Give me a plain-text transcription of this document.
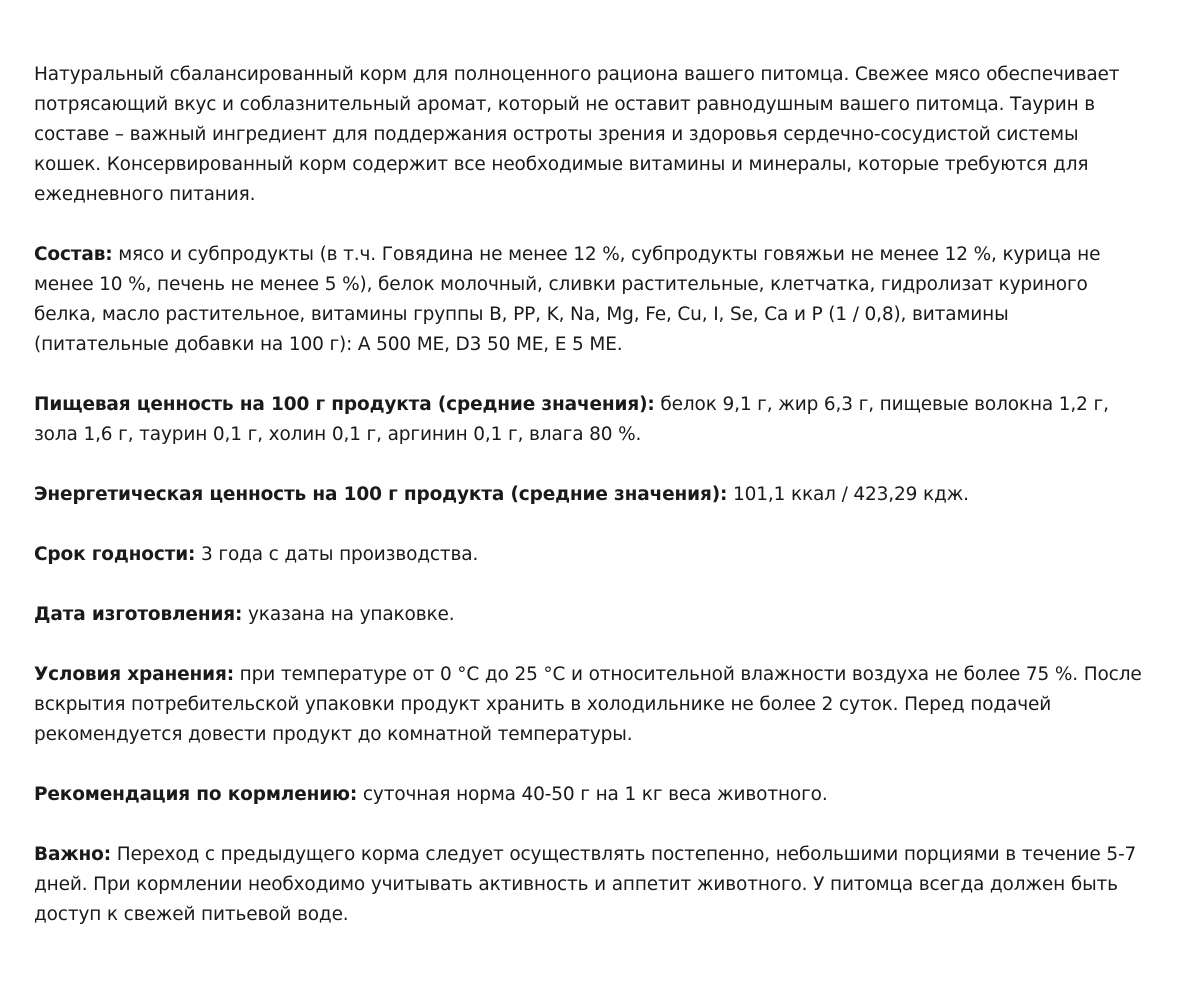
Натуральный сбалансированный корм для полноценного рациона вашего питомца. Свежее мясо обеспечивает потрясающий вкус и соблазнительный аромат, который не оставит равнодушным вашего питомца. Таурин в составе – важный ингредиент для поддержания остроты зрения и здоровья сердечно-сосудистой системы кошек. Консервированный корм содержит все необходимые витамины и минералы, которые требуются для ежедневного питания.

Состав: мясо и субпродукты (в т.ч. Говядина не менее 12 %, субпродукты говяжьи не менее 12 %, курица не менее 10 %, печень не менее 5 %), белок молочный, сливки растительные, клетчатка, гидролизат куриного белка, масло растительное, витамины группы B, PP, K, Na, Mg, Fe, Cu, I, Se, Ca и P (1 / 0,8), витамины (питательные добавки на 100 г): A 500 ME, D3 50 ME, E 5 ME.

Пищевая ценность на 100 г продукта (средние значения): белок 9,1 г, жир 6,3 г, пищевые волокна 1,2 г, зола 1,6 г, таурин 0,1 г, холин 0,1 г, аргинин 0,1 г, влага 80 %.

Энергетическая ценность на 100 г продукта (средние значения): 101,1 ккал / 423,29 кдж.

Срок годности: 3 года с даты производства.

Дата изготовления: указана на упаковке.

Условия хранения: при температуре от 0 °C до 25 °C и относительной влажности воздуха не более 75 %. После вскрытия потребительской упаковки продукт хранить в холодильнике не более 2 суток. Перед подачей рекомендуется довести продукт до комнатной температуры.

Рекомендация по кормлению: суточная норма 40-50 г на 1 кг веса животного.

Важно: Переход с предыдущего корма следует осуществлять постепенно, небольшими порциями в течение 5-7 дней. При кормлении необходимо учитывать активность и аппетит животного. У питомца всегда должен быть доступ к свежей питьевой воде.
